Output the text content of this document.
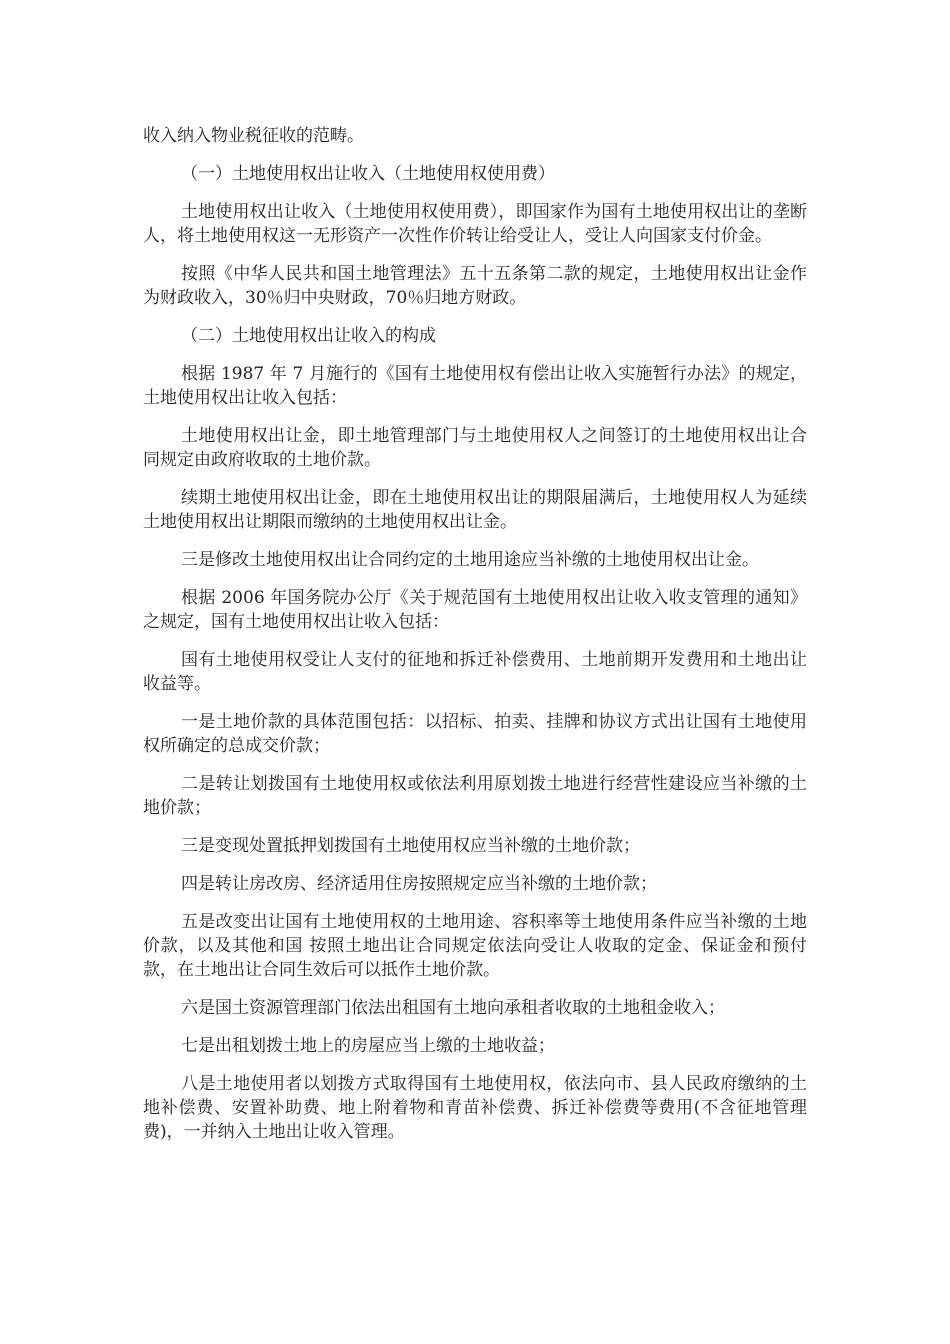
收入纳入物业税征收的范畴。

（一）土地使用权出让收入（土地使用权使用费）

土地使用权出让收入（土地使用权使用费），即国家作为国有土地使用权出让的垄断人，将土地使用权这一无形资产一次性作价转让给受让人，受让人向国家支付价金。

按照《中华人民共和国土地管理法》五十五条第二款的规定，土地使用权出让金作为财政收入，30％归中央财政，70％归地方财政。

（二）土地使用权出让收入的构成

根据 1987 年 7 月施行的《国有土地使用权有偿出让收入实施暂行办法》的规定，土地使用权出让收入包括：

土地使用权出让金，即土地管理部门与土地使用权人之间签订的土地使用权出让合同规定由政府收取的土地价款。

续期土地使用权出让金，即在土地使用权出让的期限届满后，土地使用权人为延续土地使用权出让期限而缴纳的土地使用权出让金。

三是修改土地使用权出让合同约定的土地用途应当补缴的土地使用权出让金。

根据 2006 年国务院办公厅《关于规范国有土地使用权出让收入收支管理的通知》之规定，国有土地使用权出让收入包括：

国有土地使用权受让人支付的征地和拆迁补偿费用、土地前期开发费用和土地出让收益等。

一是土地价款的具体范围包括：以招标、拍卖、挂牌和协议方式出让国有土地使用权所确定的总成交价款；

二是转让划拨国有土地使用权或依法利用原划拨土地进行经营性建设应当补缴的土地价款；

三是变现处置抵押划拨国有土地使用权应当补缴的土地价款；

四是转让房改房、经济适用住房按照规定应当补缴的土地价款；

五是改变出让国有土地使用权的土地用途、容积率等土地使用条件应当补缴的土地价款，以及其他和国 按照土地出让合同规定依法向受让人收取的定金、保证金和预付款，在土地出让合同生效后可以抵作土地价款。

六是国土资源管理部门依法出租国有土地向承租者收取的土地租金收入；

七是出租划拨土地上的房屋应当上缴的土地收益；

八是土地使用者以划拨方式取得国有土地使用权，依法向市、县人民政府缴纳的土地补偿费、安置补助费、地上附着物和青苗补偿费、拆迁补偿费等费用(不含征地管理费)，一并纳入土地出让收入管理。
